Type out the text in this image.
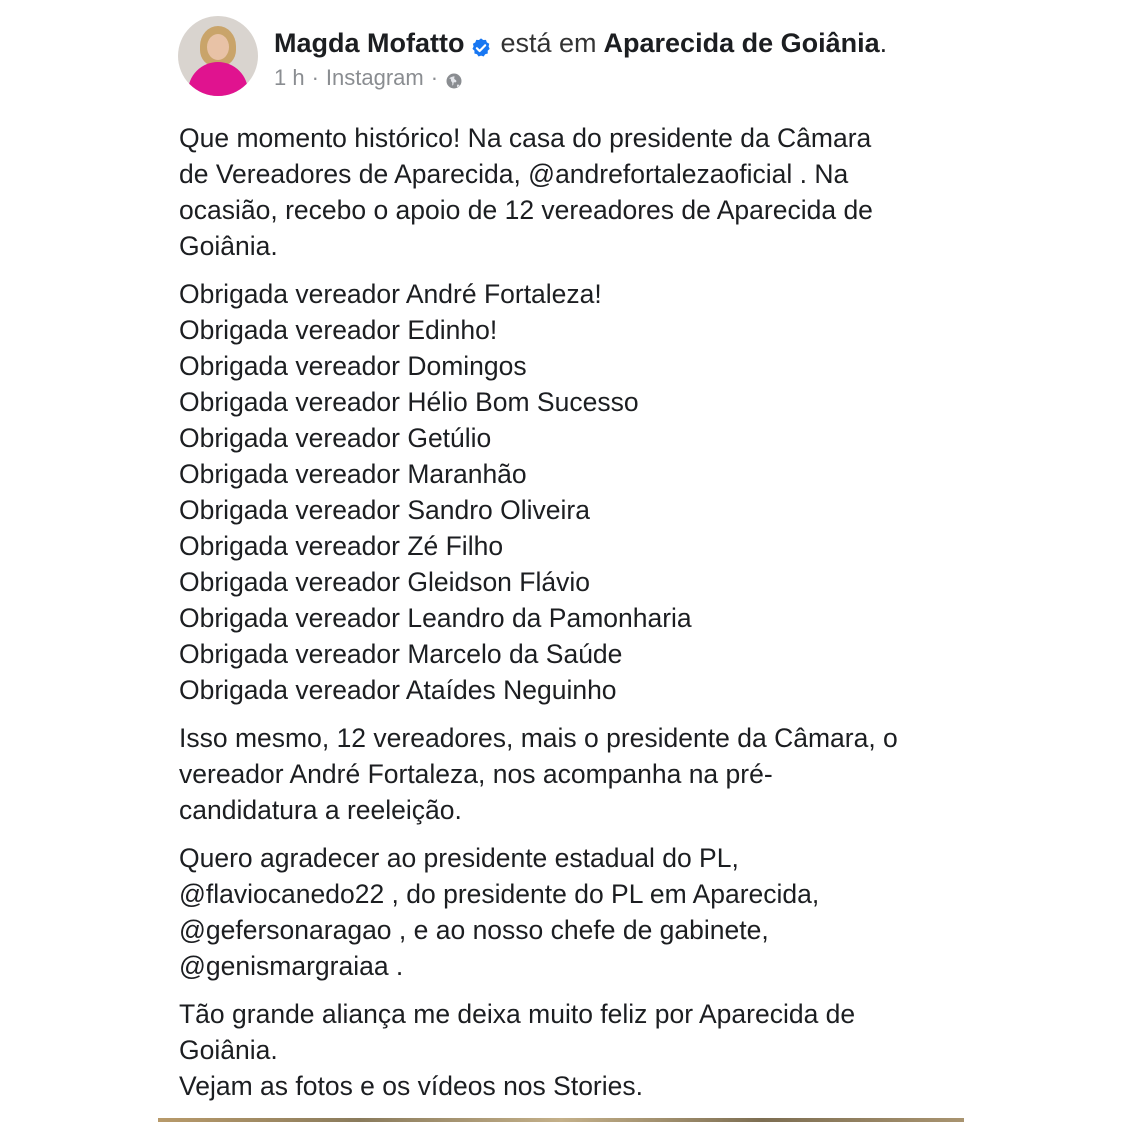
Magda Mofatto está em Aparecida de Goiânia .
1 h · Instagram ·
Que momento histórico! Na casa do presidente da Câmara
de Vereadores de Aparecida, @andrefortalezaoficial . Na
ocasião, recebo o apoio de 12 vereadores de Aparecida de
Goiânia.
Obrigada vereador André Fortaleza!
Obrigada vereador Edinho!
Obrigada vereador Domingos
Obrigada vereador Hélio Bom Sucesso
Obrigada vereador Getúlio
Obrigada vereador Maranhão
Obrigada vereador Sandro Oliveira
Obrigada vereador Zé Filho
Obrigada vereador Gleidson Flávio
Obrigada vereador Leandro da Pamonharia
Obrigada vereador Marcelo da Saúde
Obrigada vereador Ataídes Neguinho
Isso mesmo, 12 vereadores, mais o presidente da Câmara, o
vereador André Fortaleza, nos acompanha na pré-
candidatura a reeleição.
Quero agradecer ao presidente estadual do PL,
@flaviocanedo22 , do presidente do PL em Aparecida,
@gefersonaragao , e ao nosso chefe de gabinete,
@genismargraiaa .
Tão grande aliança me deixa muito feliz por Aparecida de
Goiânia.
Vejam as fotos e os vídeos nos Stories.
